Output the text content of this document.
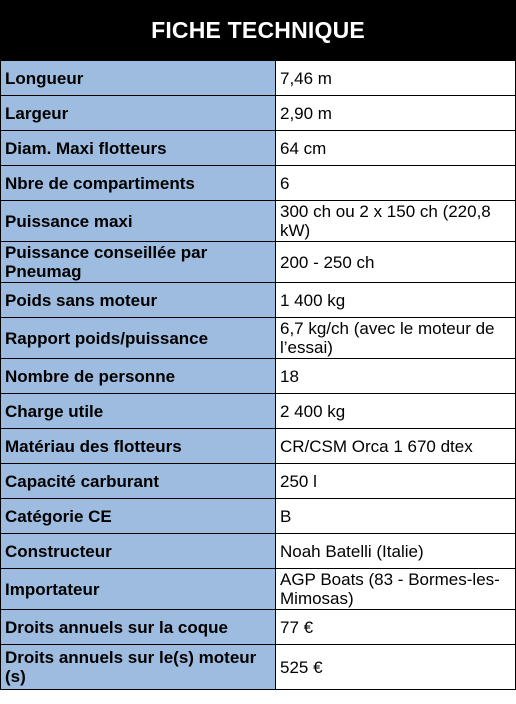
FICHE TECHNIQUE
Longueur	7,46 m
Largeur	2,90 m
Diam. Maxi flotteurs	64 cm
Nbre de compartiments	6
Puissance maxi	300 ch ou 2 x 150 ch (220,8 kW)
Puissance conseillée par Pneumag	200 - 250 ch
Poids sans moteur	1 400 kg
Rapport poids/puissance	6,7 kg/ch (avec le moteur de l’essai)
Nombre de personne	18
Charge utile	2 400 kg
Matériau des flotteurs	CR/CSM Orca 1 670 dtex
Capacité carburant	250 l
Catégorie CE	B
Constructeur	Noah Batelli (Italie)
Importateur	AGP Boats (83 - Bormes-les-Mimosas)
Droits annuels sur la coque	77 €
Droits annuels sur le(s) moteur (s)	525 €
